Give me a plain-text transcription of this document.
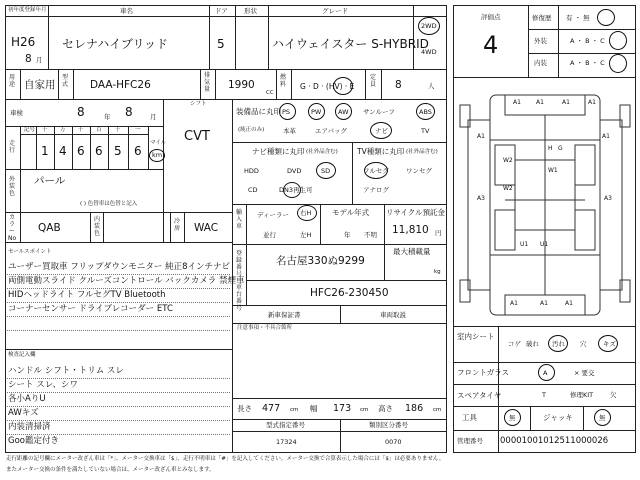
初年度登録年月
H26
8 月
車名
セレナハイブリッド
ドア
5
形状	グレード
ハイウェイスター S-HYBRID
2WD
4WD
用途 自家用
型式 DAA-HFC26
排気量 1990
CC
燃料 G · D · (HV) · E
定員 8	人
車検	8	年 8	月
シフト
CVT
走行
記号 十 万 千 百 十	一
1 4 6 6 5 6
マイル
km
外装色
パール
( ) 色替車は色替と記入
カラーNo
QAB
内装色
冷房 WAC
セールスポイント
ユーザー買取車 フリップダウンモニター 純正8インチナビ
両側電動スライド クルーズコントロール バックカメラ 禁煙車
HIDヘッドライト フルセグTV Bluetooth
コーナーセンサー ドライブレコーダー ETC
検査記入欄
ハンドル シフト・トリム スレ
シート スレ、シワ
各小AりU
AWキズ
内装清掃済
Goo鑑定付き
装備品に丸印
(純正のみ)
PS	PW	AW サンルーフ	ABS
本革	エアバッグ	ナビ	TV
ナビ種類に丸印 (社外品含む)
HDD	DVD	SD
CD	DN3再生可
TV種類に丸印 (社外品含む)
フルセグ	ワンセグ
アナログ
輸入車
ディーラー 右H
並行	左H
モデル年式
年 不明
リサイクル預託金
11,810 円
登録番号
名古屋330ぬ9299
最大積載量
kg
車台番号
HFC26-230450
新車保証書	車両取説
注意事項・不具合箇所
長さ 477 cm 幅 173 cm 高さ 186 cm
型式指定番号
17324
類別区分番号
0070
評価点
4
修復歴 有 ・ 無
外装	A ・ B ・ C
内装	A ・ B ・ C
A1	A1	A1	A1
A1	A1
W2
W2
A3	A3
W1
U1 U1
A1	A1	A1
H G
室内シート
コゲ 破れ 汚れ 穴	キズ
フロントガラス	A	× 要交
スペアタイヤ	T	修理KIT	欠
工具	無	ジャッキ	無
管理番号 00001001012511000026
走行距離の記号欄にメーター改ざん車は「*」、メーター交換車は「$」、走行不明車は「#」を記入してください。メーター交換で合算表示した場合には「$」は必要ありません。
またメーター交換の条件を満たしていない場合は、メーター改ざん車とみなします。
